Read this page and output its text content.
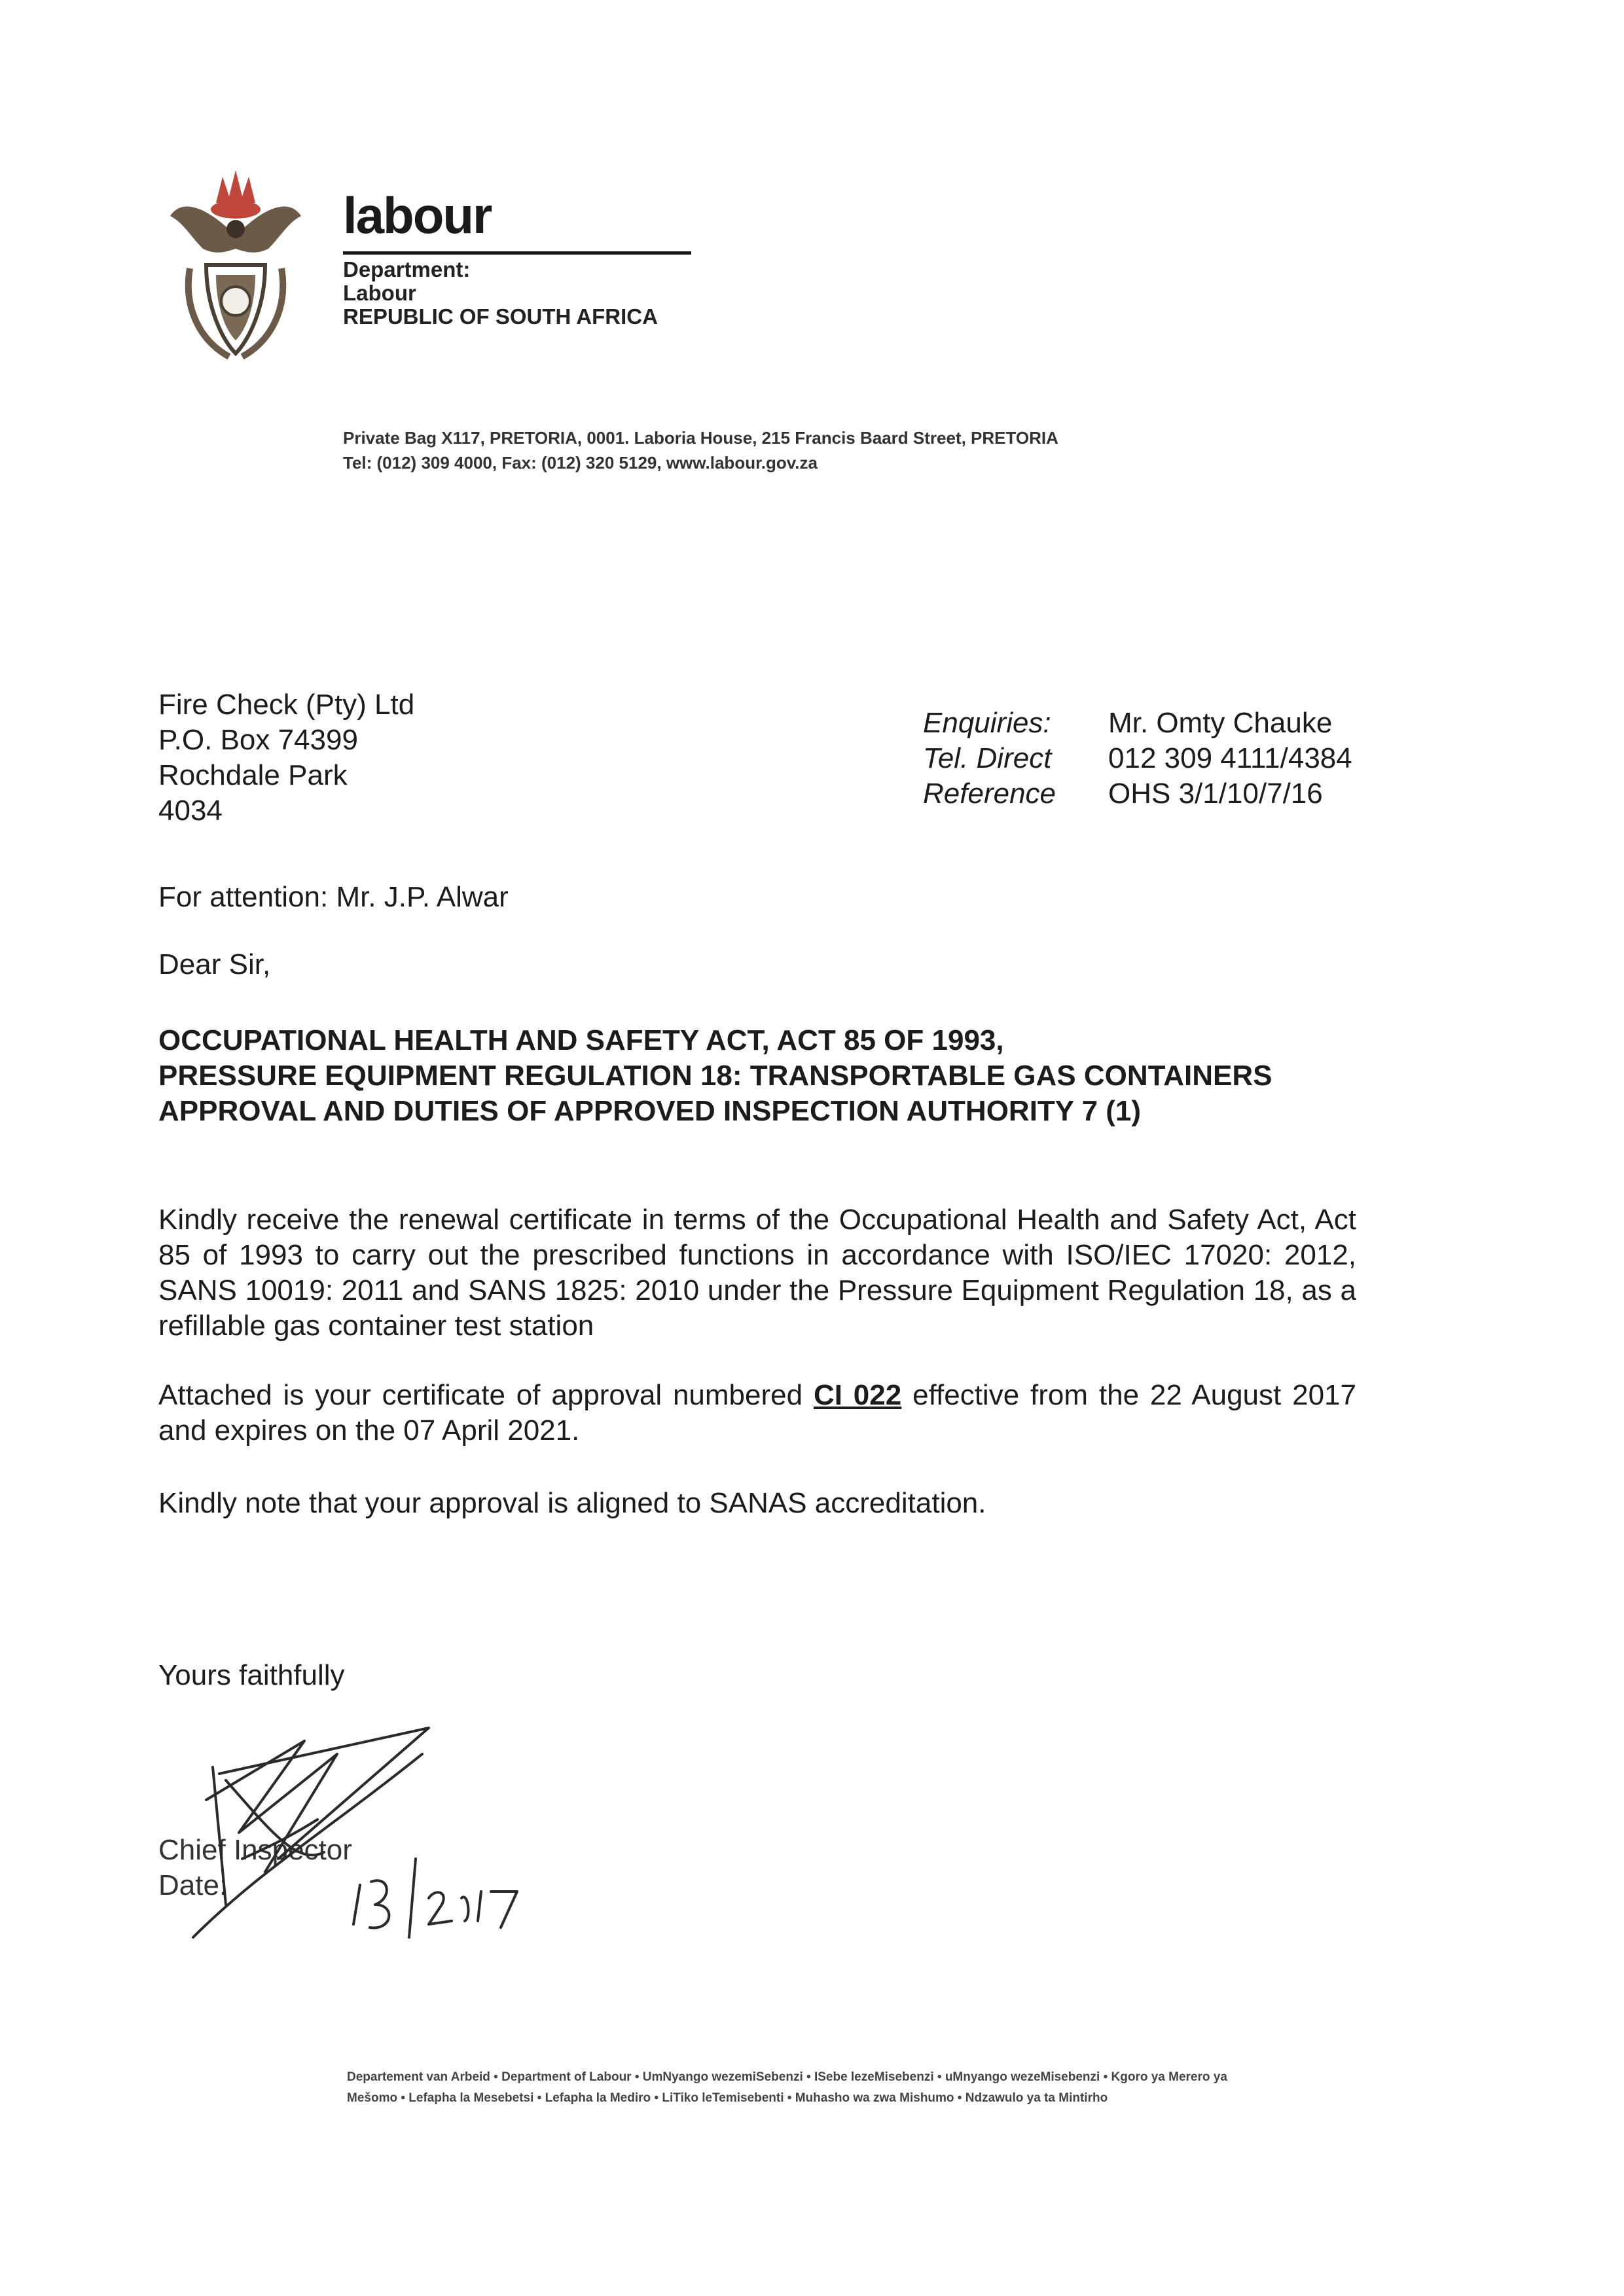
labour
Department:
Labour
REPUBLIC OF SOUTH AFRICA
Private Bag X117, PRETORIA, 0001. Laboria House, 215 Francis Baard Street, PRETORIA
Tel: (012) 309 4000, Fax: (012) 320 5129, www.labour.gov.za
Fire Check (Pty) Ltd
P.O. Box 74399
Rochdale Park
4034
Enquiries:	Mr. Omty Chauke
Tel. Direct	012 309 4111/4384
Reference	OHS 3/1/10/7/16
For attention: Mr. J.P. Alwar
Dear Sir,
OCCUPATIONAL HEALTH AND SAFETY ACT, ACT 85 OF 1993,
PRESSURE EQUIPMENT REGULATION 18: TRANSPORTABLE GAS CONTAINERS
APPROVAL AND DUTIES OF APPROVED INSPECTION AUTHORITY 7 (1)
Kindly receive the renewal certificate in terms of the Occupational Health and Safety Act, Act 85 of 1993 to carry out the prescribed functions in accordance with ISO/IEC 17020: 2012, SANS 10019: 2011 and SANS 1825: 2010 under the Pressure Equipment Regulation 18, as a refillable gas container test station
Attached is your certificate of approval numbered CI 022 effective from the 22 August 2017 and expires on the 07 April 2021.
Kindly note that your approval is aligned to SANAS accreditation.
Yours faithfully
Chief Inspector
Date:
Departement van Arbeid • Department of Labour • UmNyango wezemiSebenzi • ISebe lezeMisebenzi • uMnyango wezeMisebenzi • Kgoro ya Merero ya
Mešomo • Lefapha la Mesebetsi • Lefapha la Mediro • LiTiko leTemisebenti • Muhasho wa zwa Mishumo • Ndzawulo ya ta Mintirho
